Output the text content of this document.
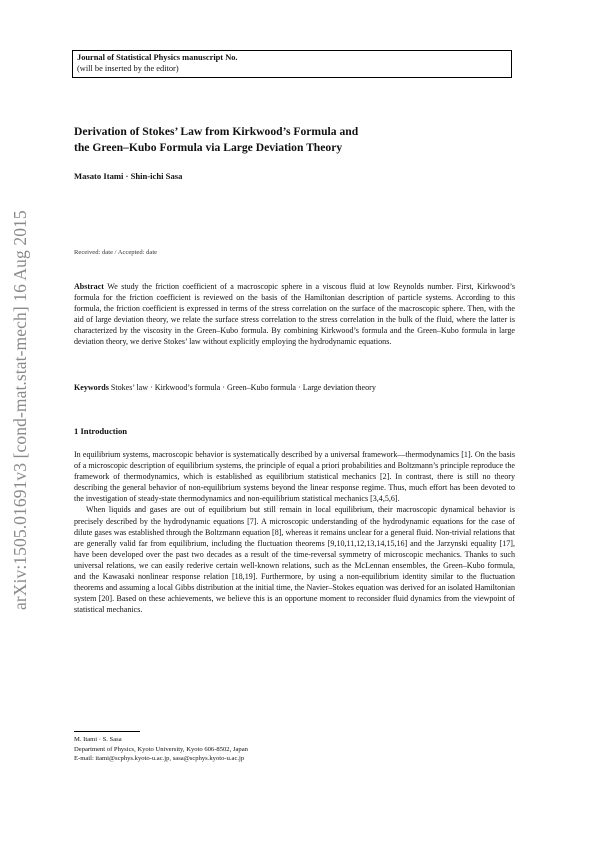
arXiv:1505.01691v3 [cond-mat.stat-mech] 16 Aug 2015
Journal of Statistical Physics manuscript No.
(will be inserted by the editor)
Derivation of Stokes’ Law from Kirkwood’s Formula and
the Green–Kubo Formula via Large Deviation Theory
Masato Itami · Shin-ichi Sasa
Received: date / Accepted: date
Abstract We study the friction coefficient of a macroscopic sphere in a viscous fluid at low Reynolds number. First, Kirkwood’s formula for the friction coefficient is reviewed on the basis of the Hamiltonian description of particle systems. According to this formula, the friction coefficient is expressed in terms of the stress correlation on the surface of the macroscopic sphere. Then, with the aid of large deviation theory, we relate the surface stress correlation to the stress correlation in the bulk of the fluid, where the latter is characterized by the viscosity in the Green–Kubo formula. By combining Kirkwood’s formula and the Green–Kubo formula in large deviation theory, we derive Stokes’ law without explicitly employing the hydrodynamic equations.
Keywords Stokes’ law · Kirkwood’s formula · Green–Kubo formula · Large deviation theory
1 Introduction

In equilibrium systems, macroscopic behavior is systematically described by a universal framework—thermodynamics [1]. On the basis of a microscopic description of equilibrium systems, the principle of equal a priori probabilities and Boltzmann’s principle reproduce the framework of thermodynamics, which is established as equilibrium statistical mechanics [2]. In contrast, there is still no theory describing the general behavior of non-equilibrium systems beyond the linear response regime. Thus, much effort has been devoted to the investigation of steady-state thermodynamics and non-equilibrium statistical mechanics [3,4,5,6].

When liquids and gases are out of equilibrium but still remain in local equilibrium, their macroscopic dynamical behavior is precisely described by the hydrodynamic equations [7]. A microscopic understanding of the hydrodynamic equations for the case of dilute gases was established through the Boltzmann equation [8], whereas it remains unclear for a general fluid. Non-trivial relations that are generally valid far from equilibrium, including the fluctuation theorems [9,10,11,12,13,14,15,16] and the Jarzynski equality [17], have been developed over the past two decades as a result of the time-reversal symmetry of microscopic mechanics. Thanks to such universal relations, we can easily rederive certain well-known relations, such as the McLennan ensembles, the Green–Kubo formula, and the Kawasaki nonlinear response relation [18,19]. Furthermore, by using a non-equilibrium identity similar to the fluctuation theorems and assuming a local Gibbs distribution at the initial time, the Navier–Stokes equation was derived for an isolated Hamiltonian system [20]. Based on these achievements, we believe this is an opportune moment to reconsider fluid dynamics from the viewpoint of statistical mechanics.

M. Itami · S. Sasa
Department of Physics, Kyoto University, Kyoto 606-8502, Japan
E-mail: itami@scphys.kyoto-u.ac.jp, sasa@scphys.kyoto-u.ac.jp
